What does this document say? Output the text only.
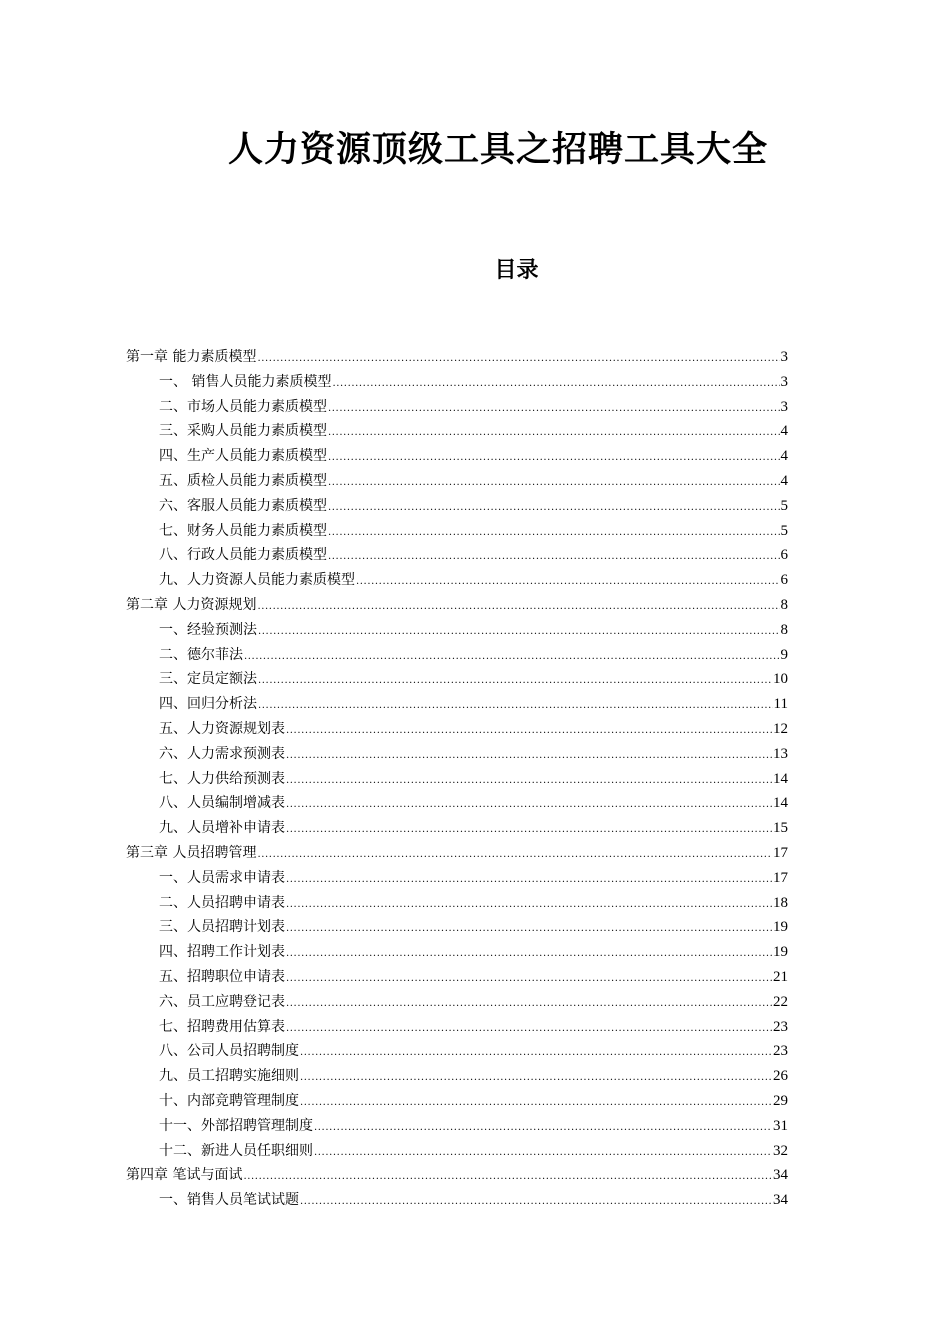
人力资源顶级工具之招聘工具大全
目录
第一章 能力素质模型 .....	3
一、 销售人员能力素质模型 .....	3
二、市场人员能力素质模型 .....	3
三、采购人员能力素质模型 .....	4
四、生产人员能力素质模型 .....	4
五、质检人员能力素质模型 .....	4
六、客服人员能力素质模型 .....	5
七、财务人员能力素质模型 .....	5
八、行政人员能力素质模型 .....	6
九、人力资源人员能力素质模型 .....	6
第二章 人力资源规划 .....	8
一、经验预测法 .....	8
二、德尔菲法 .....	9
三、定员定额法 .....	10
四、回归分析法 .....	11
五、人力资源规划表 .....	12
六、人力需求预测表 .....	13
七、人力供给预测表 .....	14
八、人员编制增减表 .....	14
九、人员增补申请表 .....	15
第三章 人员招聘管理 .....	17
一、人员需求申请表 .....	17
二、人员招聘申请表 .....	18
三、人员招聘计划表 .....	19
四、招聘工作计划表 .....	19
五、招聘职位申请表 .....	21
六、员工应聘登记表 .....	22
七、招聘费用估算表 .....	23
八、公司人员招聘制度 .....	23
九、员工招聘实施细则 .....	26
十、内部竞聘管理制度 .....	29
十一、外部招聘管理制度 .....	31
十二、新进人员任职细则 .....	32
第四章 笔试与面试 .....	34
一、销售人员笔试试题 .....	34
